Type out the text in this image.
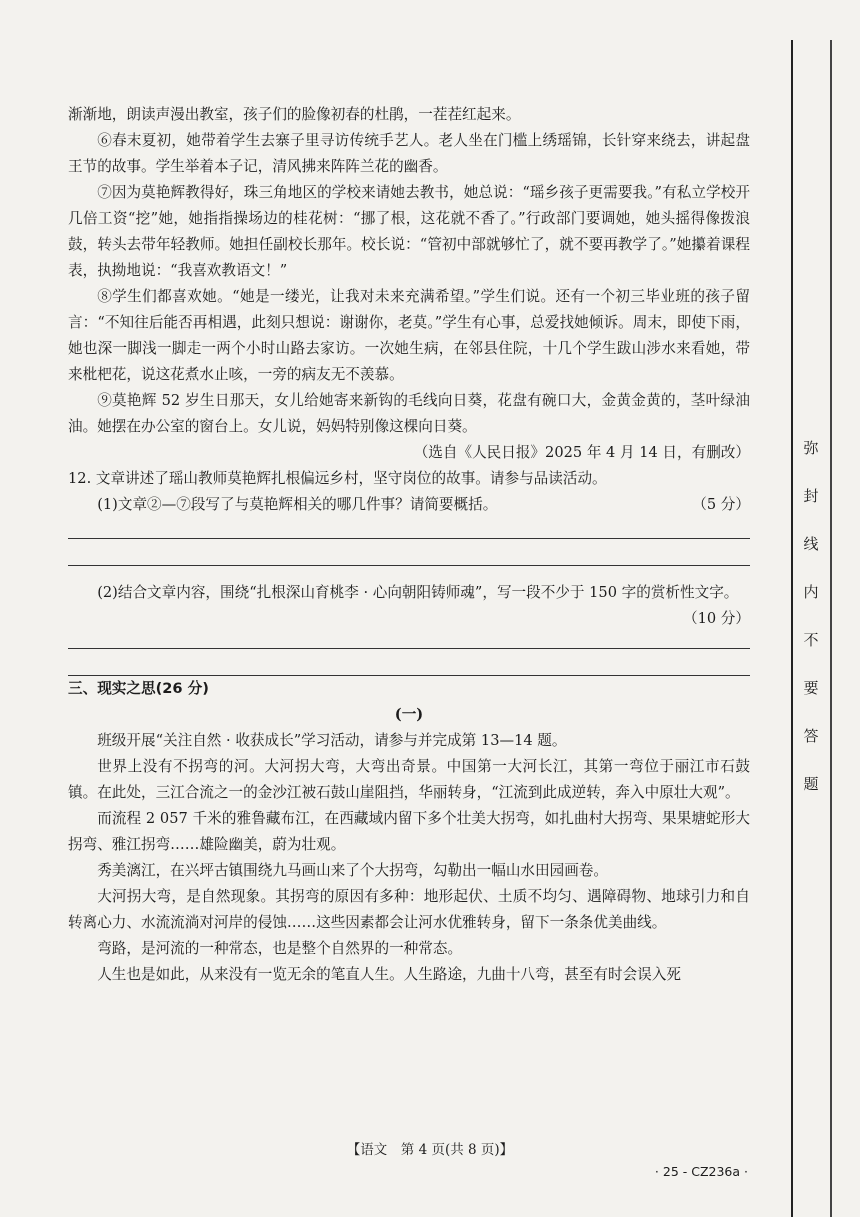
弥
封
线
内
不
要
答
题

渐渐地，朗读声漫出教室，孩子们的脸像初春的杜鹃，一茬茬红起来。

⑥春末夏初，她带着学生去寨子里寻访传统手艺人。老人坐在门槛上绣瑶锦，长针穿来绕去，讲起盘王节的故事。学生举着本子记，清风拂来阵阵兰花的幽香。

⑦因为莫艳辉教得好，珠三角地区的学校来请她去教书，她总说：“瑶乡孩子更需要我。”有私立学校开几倍工资“挖”她，她指指操场边的桂花树：“挪了根，这花就不香了。”行政部门要调她，她头摇得像拨浪鼓，转头去带年轻教师。她担任副校长那年。校长说：“管初中部就够忙了，就不要再教学了。”她攥着课程表，执拗地说：“我喜欢教语文！”

⑧学生们都喜欢她。“她是一缕光，让我对未来充满希望。”学生们说。还有一个初三毕业班的孩子留言：“不知往后能否再相遇，此刻只想说：谢谢你，老莫。”学生有心事，总爱找她倾诉。周末，即使下雨，她也深一脚浅一脚走一两个小时山路去家访。一次她生病，在邻县住院，十几个学生跋山涉水来看她，带来枇杷花，说这花煮水止咳，一旁的病友无不羡慕。

⑨莫艳辉 52 岁生日那天，女儿给她寄来新钩的毛线向日葵，花盘有碗口大，金黄金黄的，茎叶绿油油。她摆在办公室的窗台上。女儿说，妈妈特别像这棵向日葵。

（选自《人民日报》2025 年 4 月 14 日，有删改）

12. 文章讲述了瑶山教师莫艳辉扎根偏远乡村，坚守岗位的故事。请参与品读活动。

(1)文章②—⑦段写了与莫艳辉相关的哪几件事？请简要概括。	（5 分）

(2)结合文章内容，围绕“扎根深山育桃李 · 心向朝阳铸师魂”，写一段不少于 150 字的赏析性文字。

（10 分）

三、现实之思(26 分)

(一)

班级开展“关注自然 · 收获成长”学习活动，请参与并完成第 13—14 题。

世界上没有不拐弯的河。大河拐大弯，大弯出奇景。中国第一大河长江，其第一弯位于丽江市石鼓镇。在此处，三江合流之一的金沙江被石鼓山崖阻挡，华丽转身，“江流到此成逆转，奔入中原壮大观”。

而流程 2 057 千米的雅鲁藏布江，在西藏域内留下多个壮美大拐弯，如扎曲村大拐弯、果果塘蛇形大拐弯、雅江拐弯……雄险幽美，蔚为壮观。

秀美漓江，在兴坪古镇围绕九马画山来了个大拐弯，勾勒出一幅山水田园画卷。

大河拐大弯，是自然现象。其拐弯的原因有多种：地形起伏、土质不均匀、遇障碍物、地球引力和自转离心力、水流流淌对河岸的侵蚀……这些因素都会让河水优雅转身，留下一条条优美曲线。

弯路，是河流的一种常态，也是整个自然界的一种常态。

人生也是如此，从来没有一览无余的笔直人生。人生路途，九曲十八弯，甚至有时会误入死

【语文　第 4 页(共 8 页)】
· 25 - CZ236a ·
